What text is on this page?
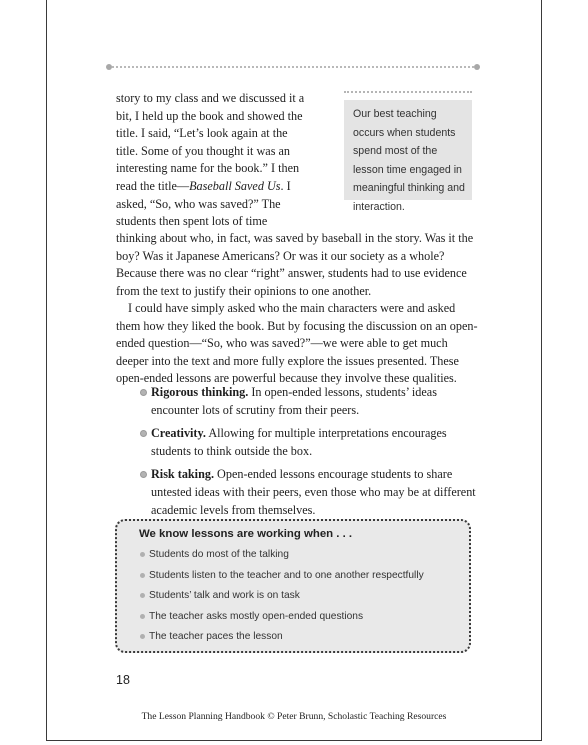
story to my class and we discussed it a bit, I held up the book and showed the title. I said, “Let’s look again at the title. Some of you thought it was an interesting name for the book.” I then read the title—Baseball Saved Us. I asked, “So, who was saved?” The students then spent lots of time
Our best teaching occurs when students spend most of the lesson time engaged in meaningful thinking and interaction.
thinking about who, in fact, was saved by baseball in the story. Was it the boy? Was it Japanese Americans? Or was it our society as a whole? Because there was no clear “right” answer, students had to use evidence from the text to justify their opinions to one another.
I could have simply asked who the main characters were and asked them how they liked the book. But by focusing the discussion on an open-ended question—“So, who was saved?”—we were able to get much deeper into the text and more fully explore the issues presented. These open-ended lessons are powerful because they involve these qualities.
Rigorous thinking. In open-ended lessons, students’ ideas encounter lots of scrutiny from their peers.
Creativity. Allowing for multiple interpretations encourages students to think outside the box.
Risk taking. Open-ended lessons encourage students to share untested ideas with their peers, even those who may be at different academic levels from themselves.
We know lessons are working when . . .
Students do most of the talking
Students listen to the teacher and to one another respectfully
Students’ talk and work is on task
The teacher asks mostly open-ended questions
The teacher paces the lesson
18
The Lesson Planning Handbook © Peter Brunn, Scholastic Teaching Resources
